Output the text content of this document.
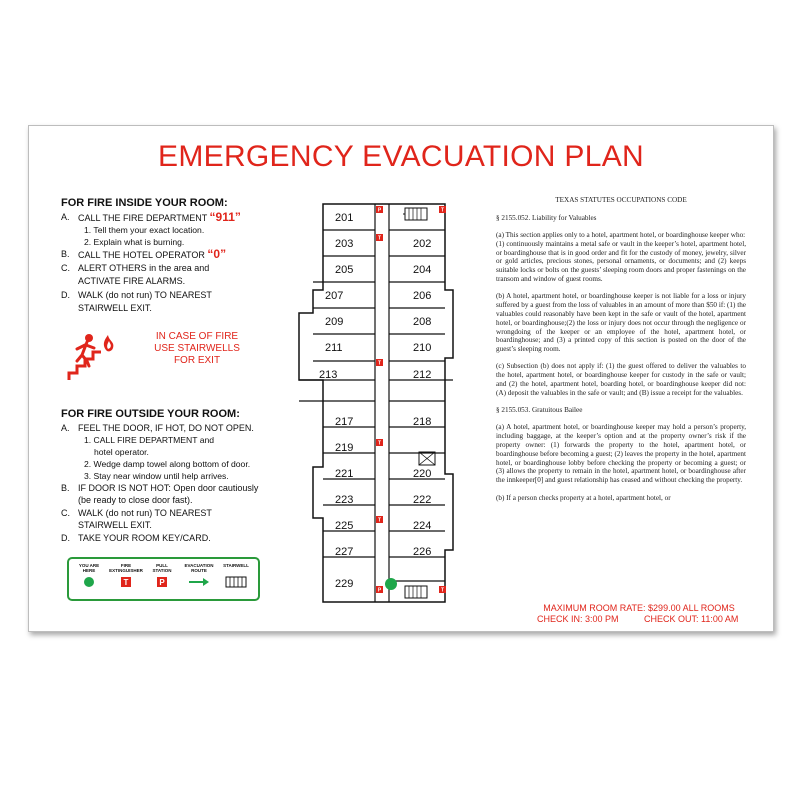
EMERGENCY EVACUATION PLAN
FOR FIRE INSIDE YOUR ROOM:
A. CALL THE FIRE DEPARTMENT “911”
1. Tell them your exact location.
2. Explain what is burning.
B. CALL THE HOTEL OPERATOR “0”
C. ALERT OTHERS in the area and
ACTIVATE FIRE ALARMS.
D. WALK (do not run) TO NEAREST
STAIRWELL EXIT.
IN CASE OF FIRE
USE STAIRWELLS
FOR EXIT
FOR FIRE OUTSIDE YOUR ROOM:
A. FEEL THE DOOR, IF HOT, DO NOT OPEN.
1. CALL FIRE DEPARTMENT and
hotel operator.
2. Wedge damp towel along bottom of door.
3. Stay near window until help arrives.
B. IF DOOR IS NOT HOT: Open door cautiously
(be ready to close door fast).
C. WALK (do not run) TO NEAREST
STAIRWELL EXIT.
D. TAKE YOUR ROOM KEY/CARD.
YOU ARE
HERE
FIRE
EXTINGUISHER
T
PULL
STATION
P
EVACUATION
ROUTE
STAIRWELL
201
203
205
207
209
211
213
217
219
221
223
225
227
229
202
204
206
208
210
212
218
220
222
224
226
P	T
T
T
T
T
P	T

TEXAS STATUTES OCCUPATIONS CODE

§ 2155.052. Liability for Valuables

(a) This section applies only to a hotel, apartment hotel, or boardinghouse keeper who:

(1) continuously maintains a metal safe or vault in the keeper’s hotel, apartment hotel, or boardinghouse that is in good order and fit for the custody of money, jewelry, silver or gold articles, precious stones, personal ornaments, or documents; and (2) keeps suitable locks or bolts on the guests’ sleeping room doors and proper fastenings on the transom and window of guest rooms.

(b) A hotel, apartment hotel, or boardinghouse keeper is not liable for a loss or injury suffered by a guest from the loss of valuables in an amount of more than $50 if: (1) the valuables could reasonably have been kept in the safe or vault of the hotel, apartment hotel, or boardinghouse;(2) the loss or injury does not occur through the negligence or wrongdoing of the keeper or an employee of the hotel, apartment hotel, or boardinghouse; and (3) a printed copy of this section is posted on the door of the guest’s sleeping room.

(c) Subsection (b) does not apply if: (1) the guest offered to deliver the valuables to the hotel, apartment hotel, or boardinghouse keeper for custody in the safe or vault; and (2) the hotel, apartment hotel, boarding hotel, or boardinghouse keeper did not: (A) deposit the valuables in the safe or vault; and (B) issue a receipt for the valuables.

§ 2155.053. Gratuitous Bailee

(a) A hotel, apartment hotel, or boardinghouse keeper may hold a person’s property, including baggage, at the keeper’s option and at the property owner’s risk if the property owner: (1) forwards the property to the hotel, apartment hotel, or boardinghouse before becoming a guest; (2) leaves the property in the hotel, apartment hotel, or boardinghouse lobby before checking the property or becoming a guest; or (3) allows the property to remain in the hotel, apartment hotel, or boardinghouse after the innkeeper[0] and guest relationship has ceased and without checking the property.

(b) If a person checks property at a hotel, apartment hotel, or

MAXIMUM ROOM RATE: $299.00 ALL ROOMS
CHECK IN: 3:00 PM	CHECK OUT: 11:00 AM
